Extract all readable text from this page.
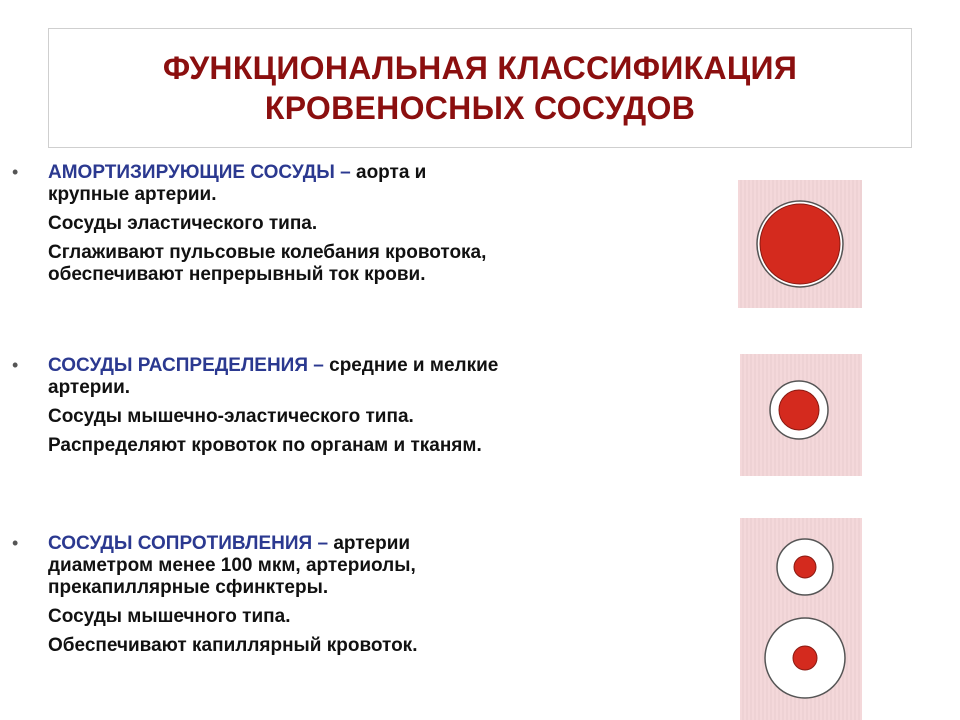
ФУНКЦИОНАЛЬНАЯ КЛАССИФИКАЦИЯ
КРОВЕНОСНЫХ СОСУДОВ
• АМОРТИЗИРУЮЩИЕ СОСУДЫ – аорта и
крупные артерии.
Сосуды эластического типа.
Сглаживают пульсовые колебания кровотока,
обеспечивают непрерывный ток крови.
• СОСУДЫ РАСПРЕДЕЛЕНИЯ – средние и мелкие
артерии.
Сосуды мышечно-эластического типа.
Распределяют кровоток по органам и тканям.
• СОСУДЫ СОПРОТИВЛЕНИЯ – артерии
диаметром менее 100 мкм, артериолы,
прекапиллярные сфинктеры.
Сосуды мышечного типа.
Обеспечивают капиллярный кровоток.
